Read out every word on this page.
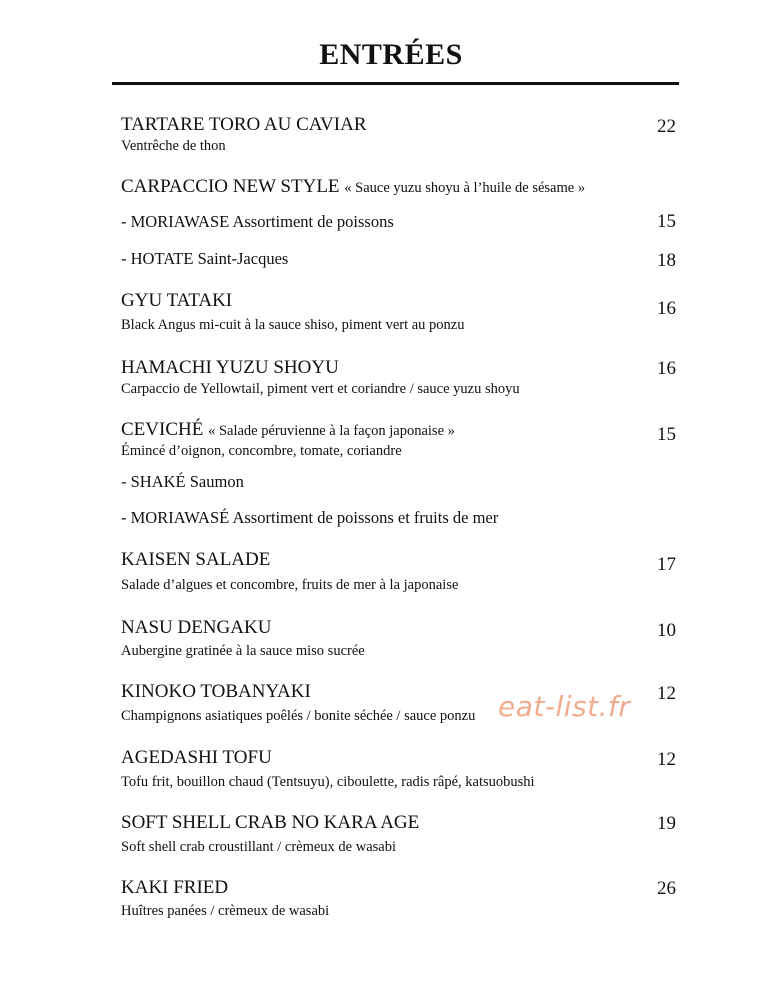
ENTRÉES
TARTARE TORO AU CAVIAR
Ventrêche de thon
22
CARPACCIO NEW STYLE « Sauce yuzu shoyu à l’huile de sésame »
- MORIAWASE Assortiment de poissons	15
- HOTATE Saint-Jacques	18
GYU TATAKI
Black Angus mi-cuit à la sauce shiso, piment vert au ponzu
16
HAMACHI YUZU SHOYU
Carpaccio de Yellowtail, piment vert et coriandre / sauce yuzu shoyu
16
CEVICHÉ « Salade péruvienne à la façon japonaise »
Émincé d’oignon, concombre, tomate, coriandre
15
- SHAKÉ Saumon
- MORIAWASÉ Assortiment de poissons et fruits de mer
KAISEN SALADE
Salade d’algues et concombre, fruits de mer à la japonaise
17
NASU DENGAKU
Aubergine gratinée à la sauce miso sucrée
10
KINOKO TOBANYAKI
Champignons asiatiques poêlés / bonite séchée / sauce ponzu
12
AGEDASHI TOFU
Tofu frit, bouillon chaud (Tentsuyu), ciboulette, radis râpé, katsuobushi
12
SOFT SHELL CRAB NO KARA AGE
Soft shell crab croustillant / crèmeux de wasabi
19
KAKI FRIED
Huîtres panées / crèmeux de wasabi
26
eat-list.fr
